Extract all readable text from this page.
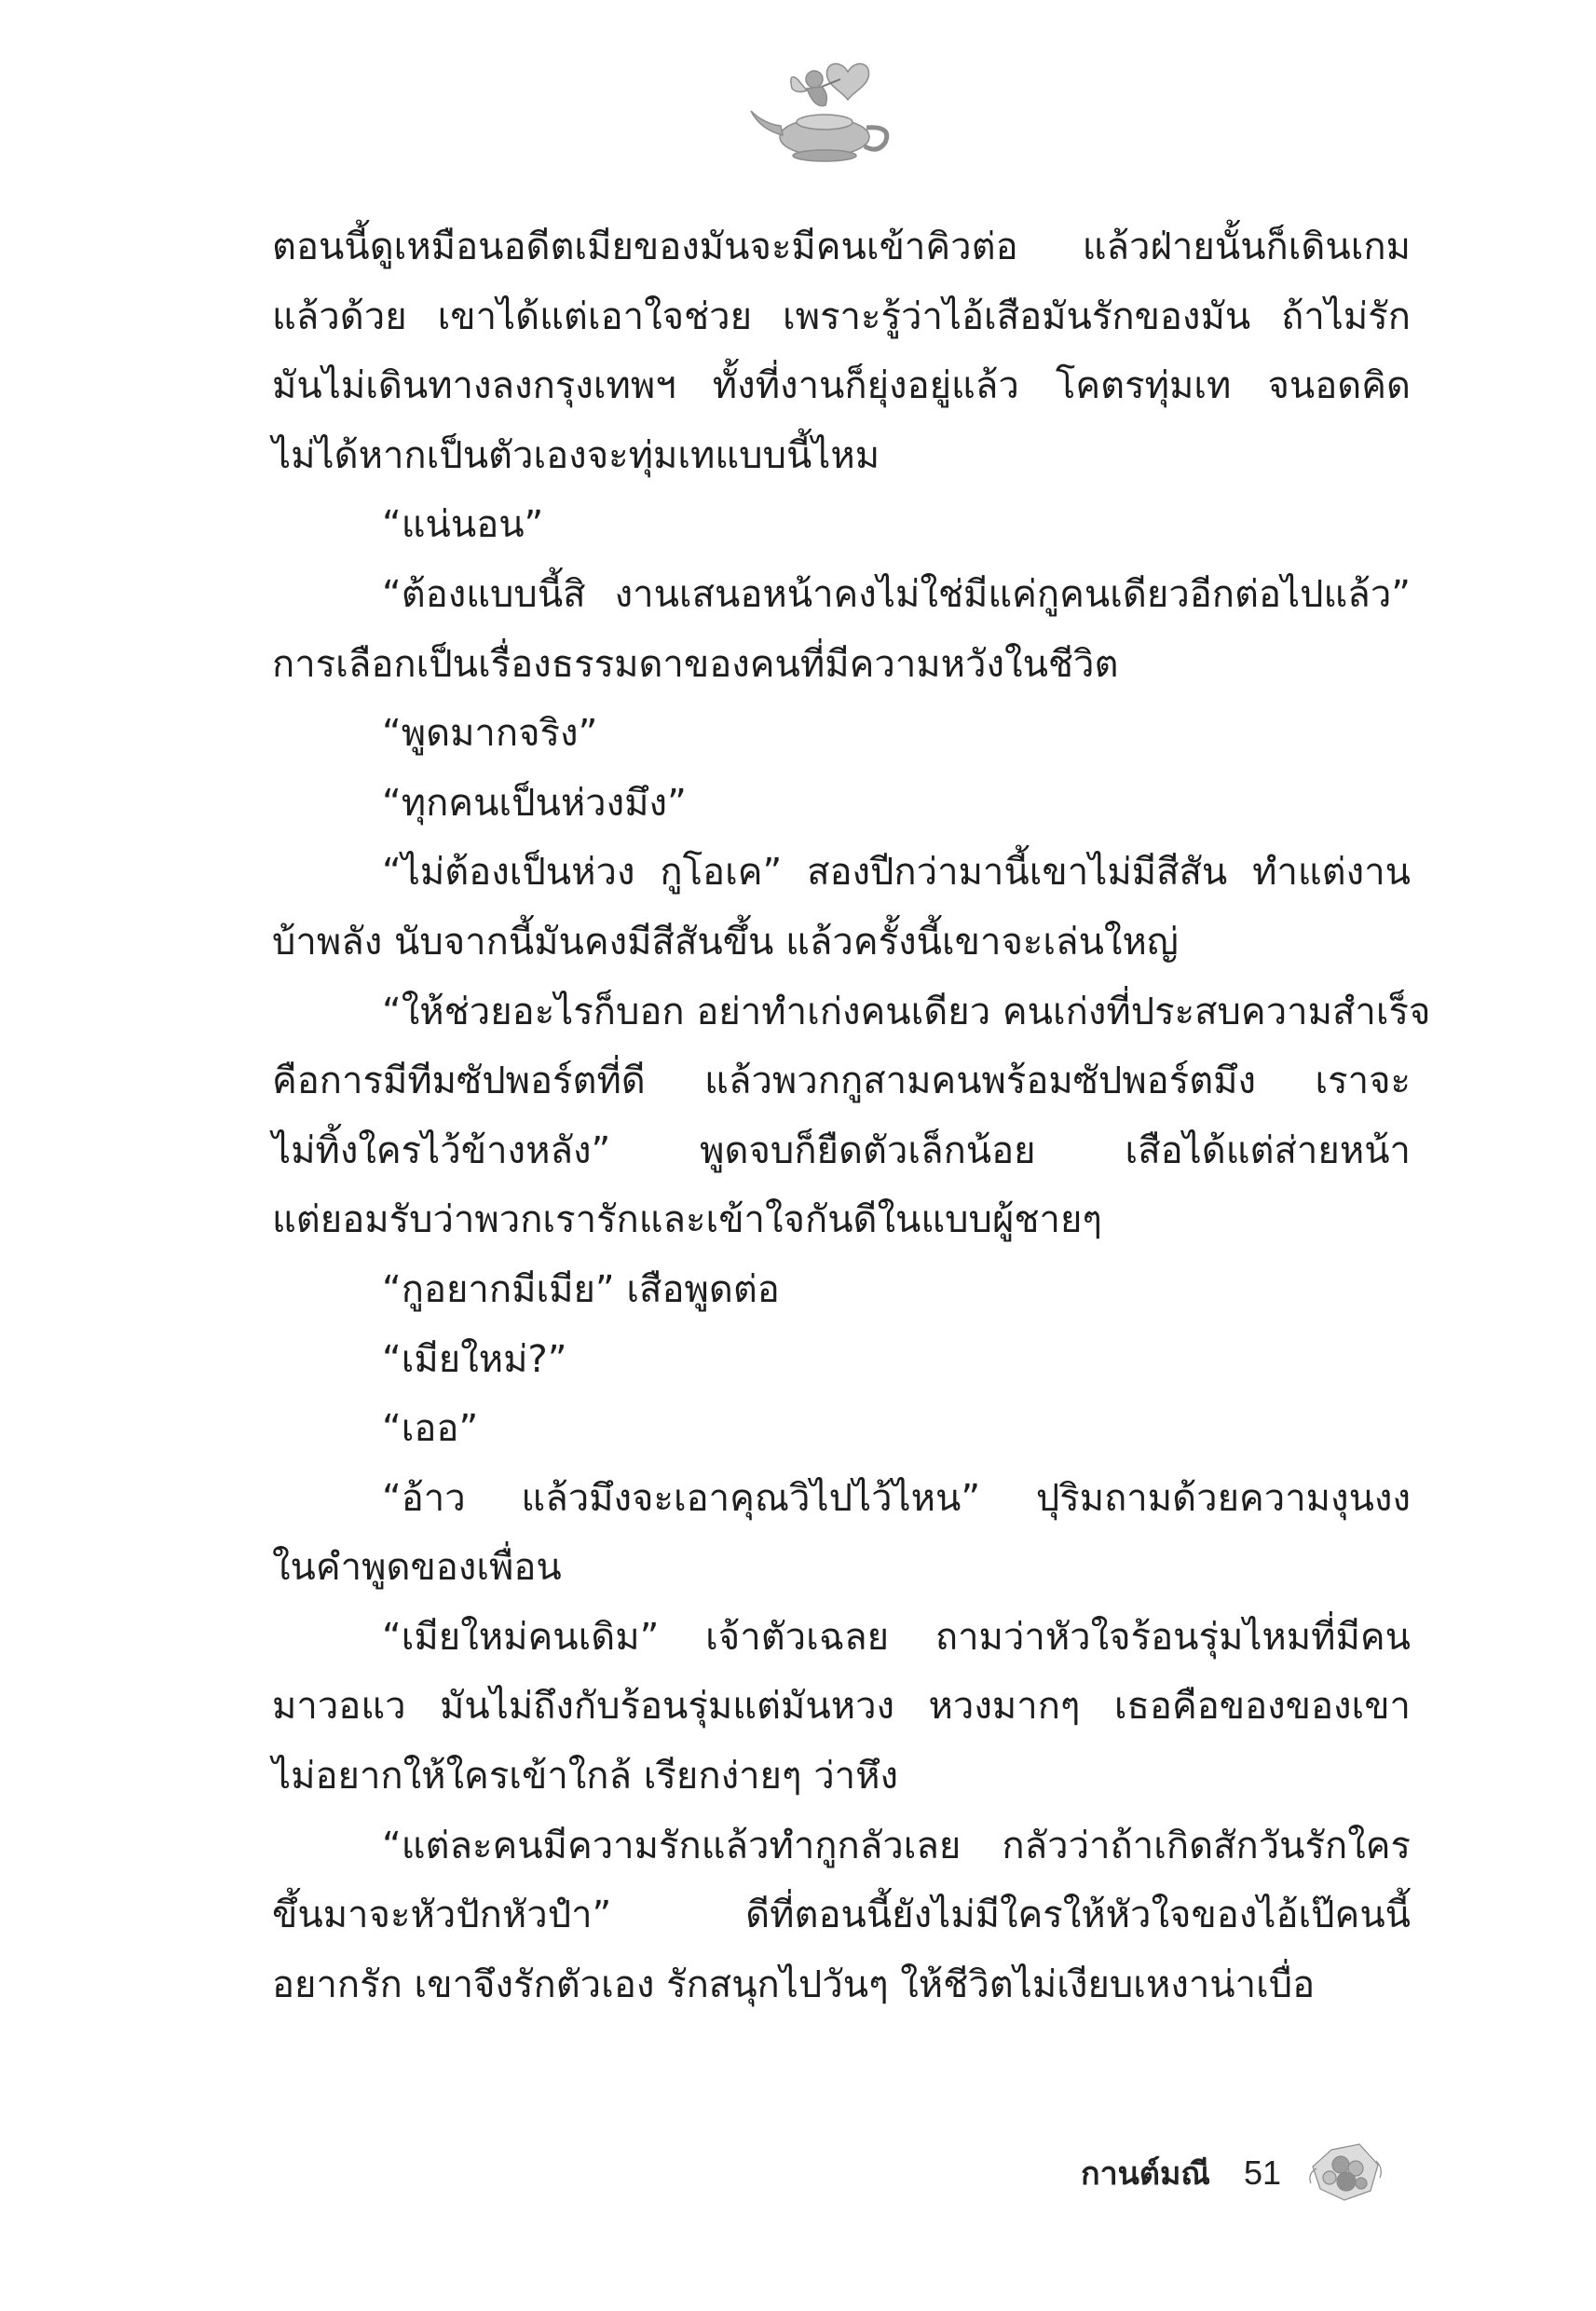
ตอนนี้ดูเหมือนอดีตเมียของมันจะมีคนเข้าคิวต่อ แล้วฝ่ายนั้นก็เดินเกม
แล้วด้วย เขาได้แต่เอาใจช่วย เพราะรู้ว่าไอ้เสือมันรักของมัน ถ้าไม่รัก
มันไม่เดินทางลงกรุงเทพฯ ทั้งที่งานก็ยุ่งอยู่แล้ว โคตรทุ่มเท จนอดคิด
ไม่ได้หากเป็นตัวเองจะทุ่มเทแบบนี้ไหม
“แน่นอน”
“ต้องแบบนี้สิ งานเสนอหน้าคงไม่ใช่มีแค่กูคนเดียวอีกต่อไปแล้ว”
การเลือกเป็นเรื่องธรรมดาของคนที่มีความหวังในชีวิต
“พูดมากจริง”
“ทุกคนเป็นห่วงมึง”
“ไม่ต้องเป็นห่วง กูโอเค” สองปีกว่ามานี้เขาไม่มีสีสัน ทำแต่งาน
บ้าพลัง นับจากนี้มันคงมีสีสันขึ้น แล้วครั้งนี้เขาจะเล่นใหญ่
“ให้ช่วยอะไรก็บอก อย่าทำเก่งคนเดียว คนเก่งที่ประสบความสำเร็จ
คือการมีทีมซัปพอร์ตที่ดี แล้วพวกกูสามคนพร้อมซัปพอร์ตมึง เราจะ
ไม่ทิ้งใครไว้ข้างหลัง” พูดจบก็ยืดตัวเล็กน้อย เสือได้แต่ส่ายหน้า
แต่ยอมรับว่าพวกเรารักและเข้าใจกันดีในแบบผู้ชายๆ
“กูอยากมีเมีย” เสือพูดต่อ
“เมียใหม่?”
“เออ”
“อ้าว แล้วมึงจะเอาคุณวิไปไว้ไหน” ปุริมถามด้วยความงุนงง
ในคำพูดของเพื่อน
“เมียใหม่คนเดิม” เจ้าตัวเฉลย ถามว่าหัวใจร้อนรุ่มไหมที่มีคน
มาวอแว มันไม่ถึงกับร้อนรุ่มแต่มันหวง หวงมากๆ เธอคือของของเขา
ไม่อยากให้ใครเข้าใกล้ เรียกง่ายๆ ว่าหึง
“แต่ละคนมีความรักแล้วทำกูกลัวเลย กลัวว่าถ้าเกิดสักวันรักใคร
ขึ้นมาจะหัวปักหัวปำ” ดีที่ตอนนี้ยังไม่มีใครให้หัวใจของไอ้เป๊คนนี้
อยากรัก เขาจึงรักตัวเอง รักสนุกไปวันๆ ให้ชีวิตไม่เงียบเหงาน่าเบื่อ
กานต์มณี 51
